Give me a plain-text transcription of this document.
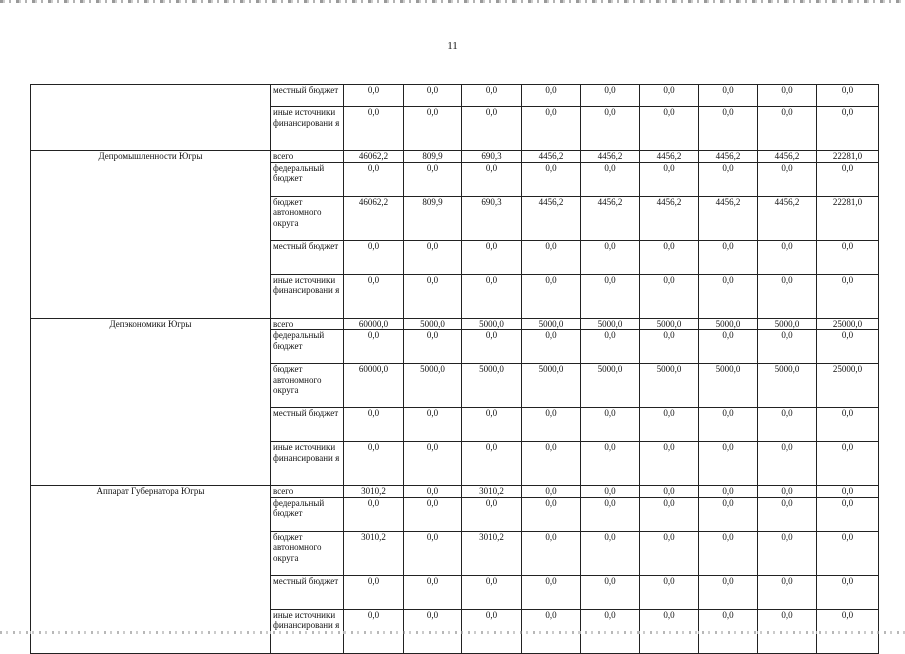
11
	местный бюджет	0,0	0,0	0,0	0,0	0,0	0,0	0,0	0,0	0,0
	иные источники финансировани я	0,0	0,0	0,0	0,0	0,0	0,0	0,0	0,0	0,0
Депромышленности Югры	всего	46062,2	809,9	690,3	4456,2	4456,2	4456,2	4456,2	4456,2	22281,0
	федеральный бюджет	0,0	0,0	0,0	0,0	0,0	0,0	0,0	0,0	0,0
	бюджет автономного округа	46062,2	809,9	690,3	4456,2	4456,2	4456,2	4456,2	4456,2	22281,0
	местный бюджет	0,0	0,0	0,0	0,0	0,0	0,0	0,0	0,0	0,0
	иные источники финансировани я	0,0	0,0	0,0	0,0	0,0	0,0	0,0	0,0	0,0
Депэкономики Югры	всего	60000,0	5000,0	5000,0	5000,0	5000,0	5000,0	5000,0	5000,0	25000,0
	федеральный бюджет	0,0	0,0	0,0	0,0	0,0	0,0	0,0	0,0	0,0
	бюджет автономного округа	60000,0	5000,0	5000,0	5000,0	5000,0	5000,0	5000,0	5000,0	25000,0
	местный бюджет	0,0	0,0	0,0	0,0	0,0	0,0	0,0	0,0	0,0
	иные источники финансировани я	0,0	0,0	0,0	0,0	0,0	0,0	0,0	0,0	0,0
Аппарат Губернатора Югры	всего	3010,2	0,0	3010,2	0,0	0,0	0,0	0,0	0,0	0,0
	федеральный бюджет	0,0	0,0	0,0	0,0	0,0	0,0	0,0	0,0	0,0
	бюджет автономного округа	3010,2	0,0	3010,2	0,0	0,0	0,0	0,0	0,0	0,0
	местный бюджет	0,0	0,0	0,0	0,0	0,0	0,0	0,0	0,0	0,0
	иные источники финансировани я	0,0	0,0	0,0	0,0	0,0	0,0	0,0	0,0	0,0
